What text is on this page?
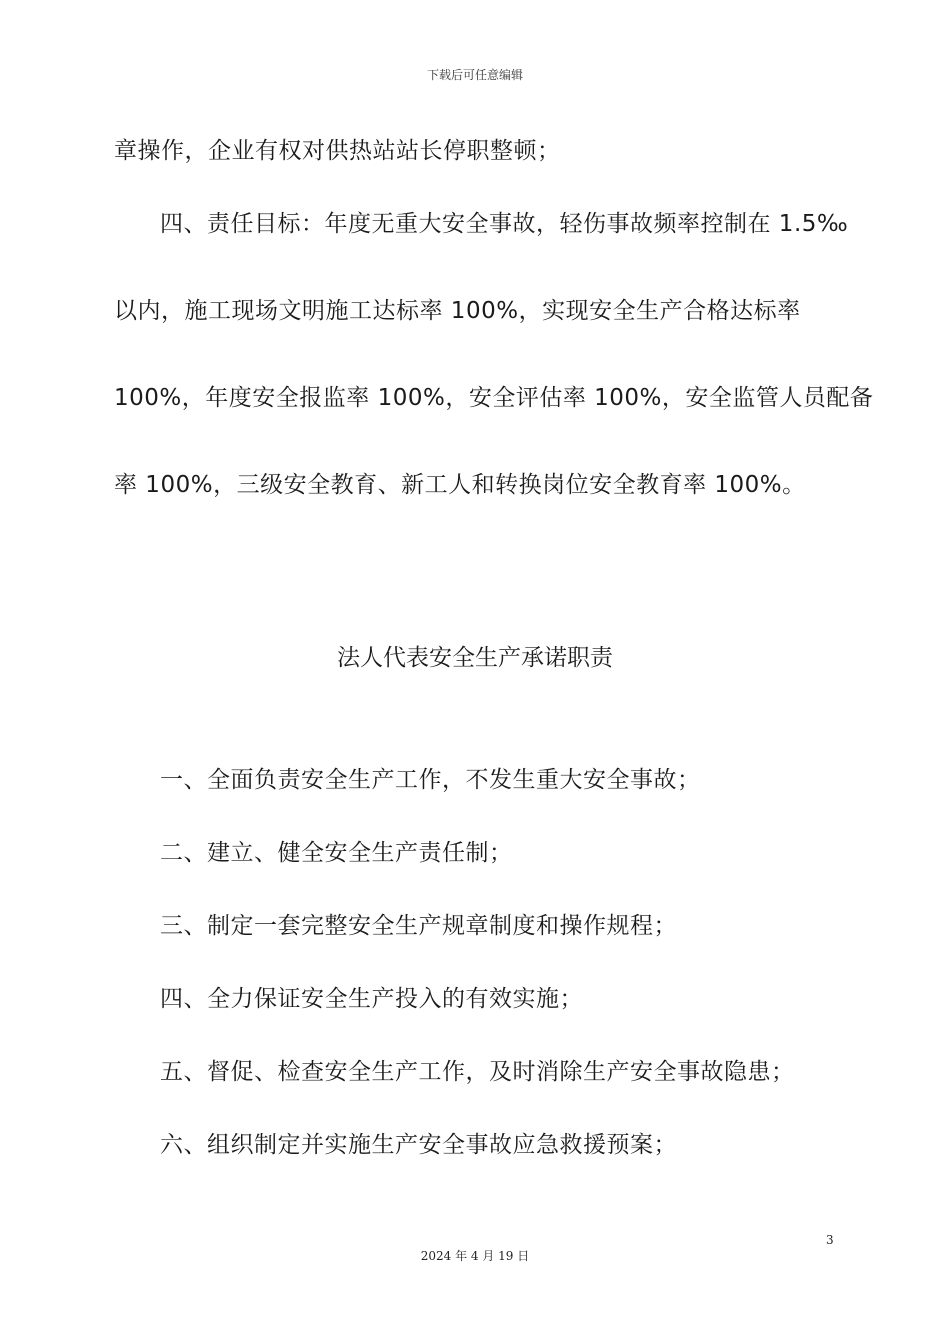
下载后可任意编辑
章操作，企业有权对供热站站长停职整顿；
四、责任目标：年度无重大安全事故，轻伤事故频率控制在 1.5‰
以内，施工现场文明施工达标率 100%，实现安全生产合格达标率
100%，年度安全报监率 100%，安全评估率 100%，安全监管人员配备
率 100%，三级安全教育、新工人和转换岗位安全教育率 100%。
法人代表安全生产承诺职责
一、全面负责安全生产工作，不发生重大安全事故；
二、建立、健全安全生产责任制；
三、制定一套完整安全生产规章制度和操作规程；
四、全力保证安全生产投入的有效实施；
五、督促、检查安全生产工作，及时消除生产安全事故隐患；
六、组织制定并实施生产安全事故应急救援预案；
3
2024 年 4 月 19 日
